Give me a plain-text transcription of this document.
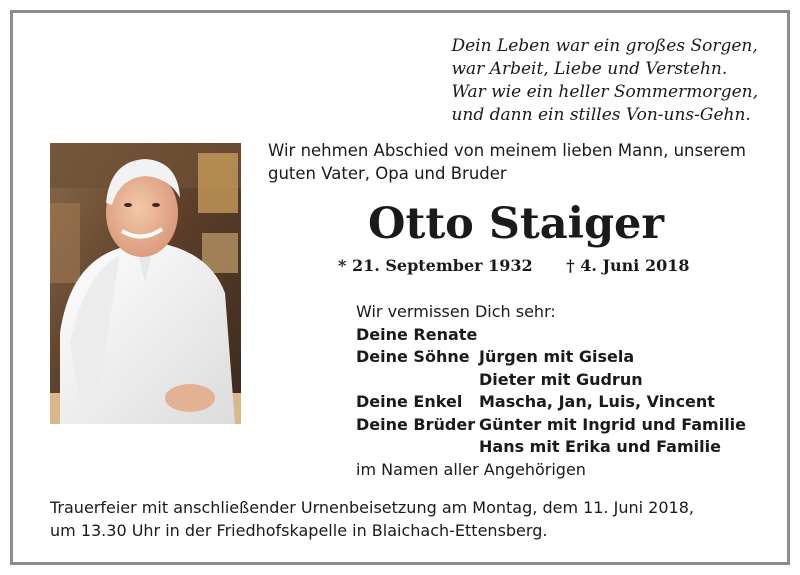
Dein Leben war ein großes Sorgen,
war Arbeit, Liebe und Verstehn.
War wie ein heller Sommermorgen,
und dann ein stilles Von-uns-Gehn.
Wir nehmen Abschied von meinem lieben Mann, unserem
guten Vater, Opa und Bruder
Otto Staiger
* 21. September 1932 † 4. Juni 2018
Wir vermissen Dich sehr:
Deine Renate
Deine Söhne Jürgen mit Gisela
Dieter mit Gudrun
Deine Enkel	Mascha, Jan, Luis, Vincent
Deine Brüder Günter mit Ingrid und Familie
Hans mit Erika und Familie
im Namen aller Angehörigen
Trauerfeier mit anschließender Urnenbeisetzung am Montag, dem 11. Juni 2018,
um 13.30 Uhr in der Friedhofskapelle in Blaichach-Ettensberg.
